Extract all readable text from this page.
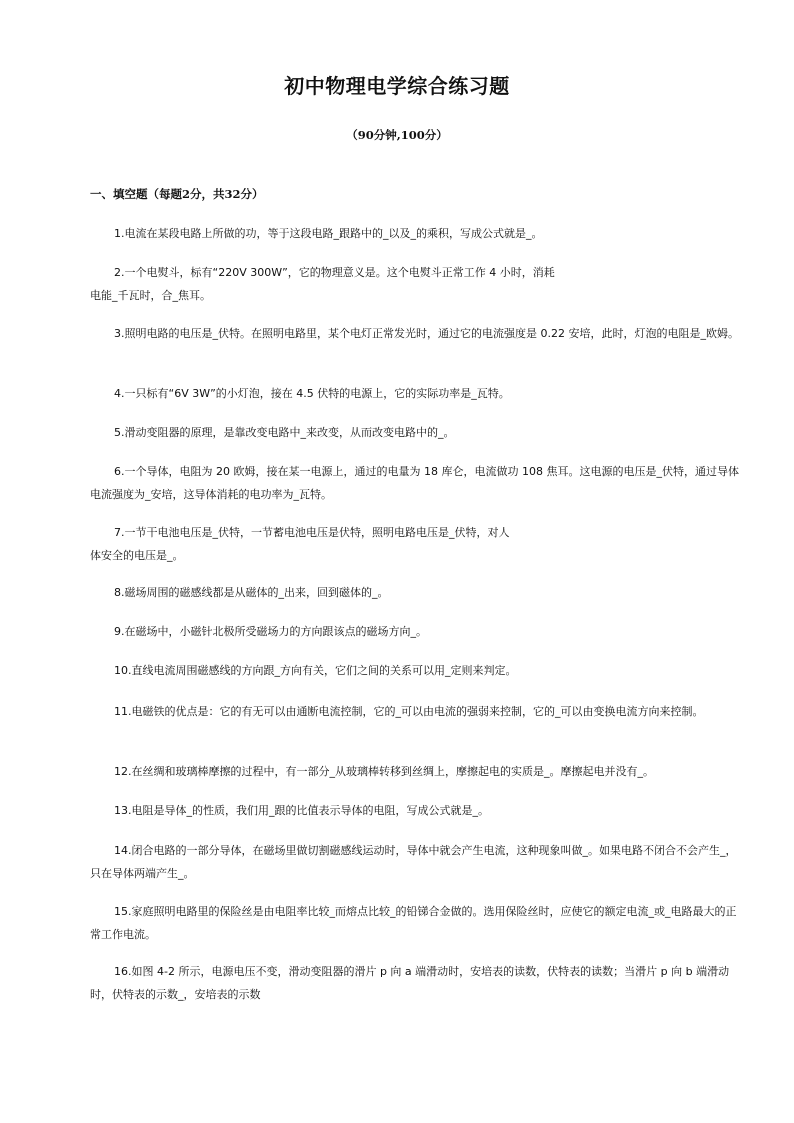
初中物理电学综合练习题
（90分钟,100分）
一、填空题（每题2分，共32分）

1.电流在某段电路上所做的功，等于这段电路_跟路中的_以及_的乘积，写成公式就是_。

2.一个电熨斗，标有“220V 300W”，它的物理意义是。这个电熨斗正常工作 4 小时，消耗
电能_千瓦时，合_焦耳。

3.照明电路的电压是_伏特。在照明电路里，某个电灯正常发光时，通过它的电流强度是 0.22 安培，此时，灯泡的电阻是_欧姆。

4.一只标有“6V 3W”的小灯泡，接在 4.5 伏特的电源上，它的实际功率是_瓦特。

5.滑动变阻器的原理，是靠改变电路中_来改变，从而改变电路中的_。

6.一个导体，电阻为 20 欧姆，接在某一电源上，通过的电量为 18 库仑，电流做功 108 焦耳。这电源的电压是_伏特，通过导体电流强度为_安培，这导体消耗的电功率为_瓦特。

7.一节干电池电压是_伏特，一节蓄电池电压是伏特，照明电路电压是_伏特，对人
体安全的电压是_。

8.磁场周围的磁感线都是从磁体的_出来，回到磁体的_。

9.在磁场中，小磁针北极所受磁场力的方向跟该点的磁场方向_。

10.直线电流周围磁感线的方向跟_方向有关，它们之间的关系可以用_定则来判定。

11.电磁铁的优点是：它的有无可以由通断电流控制，它的_可以由电流的强弱来控制，它的_可以由变换电流方向来控制。

12.在丝绸和玻璃棒摩擦的过程中，有一部分_从玻璃棒转移到丝绸上，摩擦起电的实质是_。摩擦起电并没有_。

13.电阻是导体_的性质，我们用_跟的比值表示导体的电阻，写成公式就是_。

14.闭合电路的一部分导体，在磁场里做切割磁感线运动时，导体中就会产生电流，这种现象叫做_。如果电路不闭合不会产生_，只在导体两端产生_。

15.家庭照明电路里的保险丝是由电阻率比较_而熔点比较_的铅锑合金做的。选用保险丝时，应使它的额定电流_或_电路最大的正常工作电流。

16.如图 4-2 所示，电源电压不变，滑动变阻器的滑片 p 向 a 端滑动时，安培表的读数，伏特表的读数；当滑片 p 向 b 端滑动时，伏特表的示数_，安培表的示数
